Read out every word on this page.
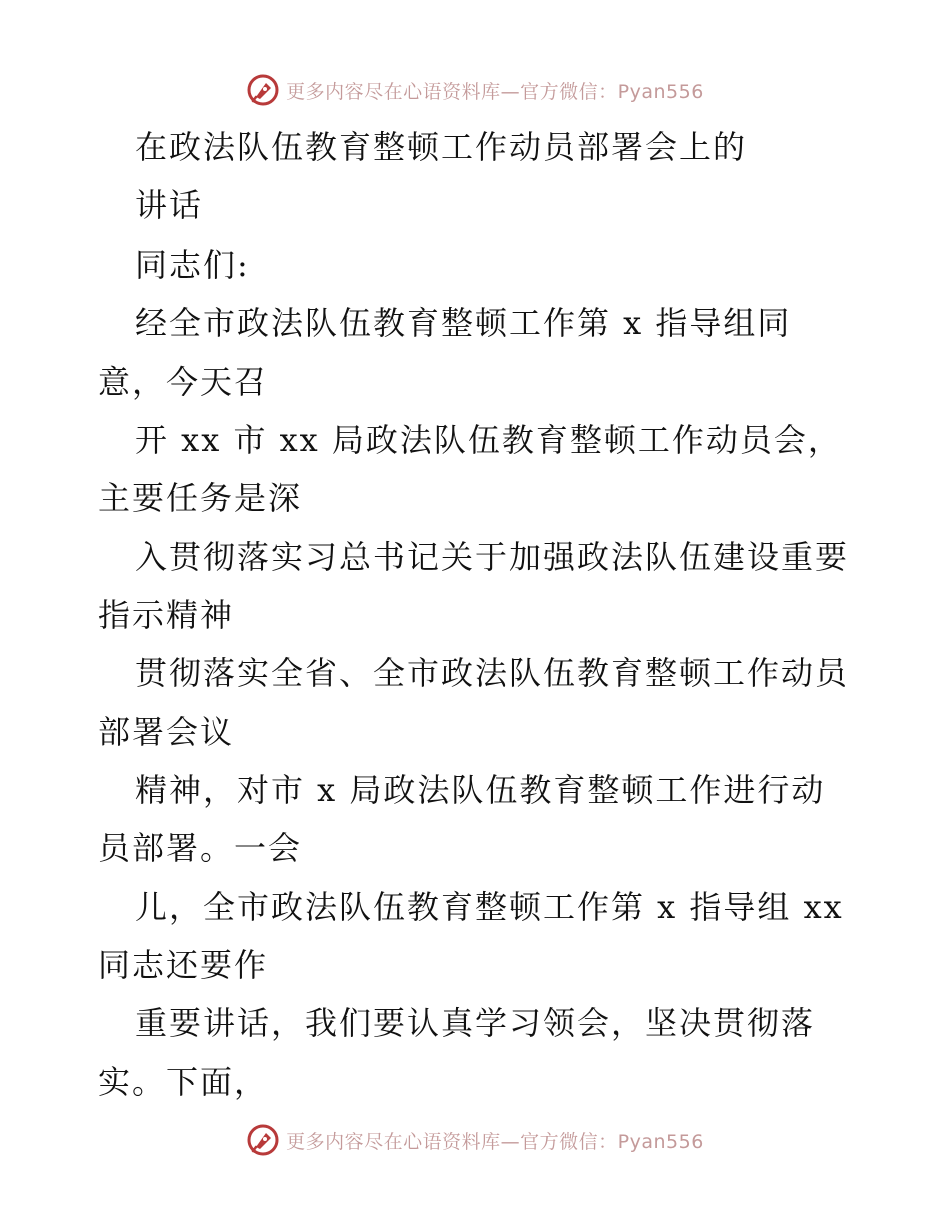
更多内容尽在心语资料库—官方微信：Pyan556
在政法队伍教育整顿工作动员部署会上的
讲话
同志们:
经全市政法队伍教育整顿工作第 x 指导组同
意，今天召
开 xx 市 xx 局政法队伍教育整顿工作动员会，
主要任务是深
入贯彻落实习总书记关于加强政法队伍建设重要
指示精神
贯彻落实全省、全市政法队伍教育整顿工作动员
部署会议
精神，对市 x 局政法队伍教育整顿工作进行动
员部署。一会
儿，全市政法队伍教育整顿工作第 x 指导组 xx
同志还要作
重要讲话，我们要认真学习领会，坚决贯彻落
实。下面，
更多内容尽在心语资料库—官方微信：Pyan556
